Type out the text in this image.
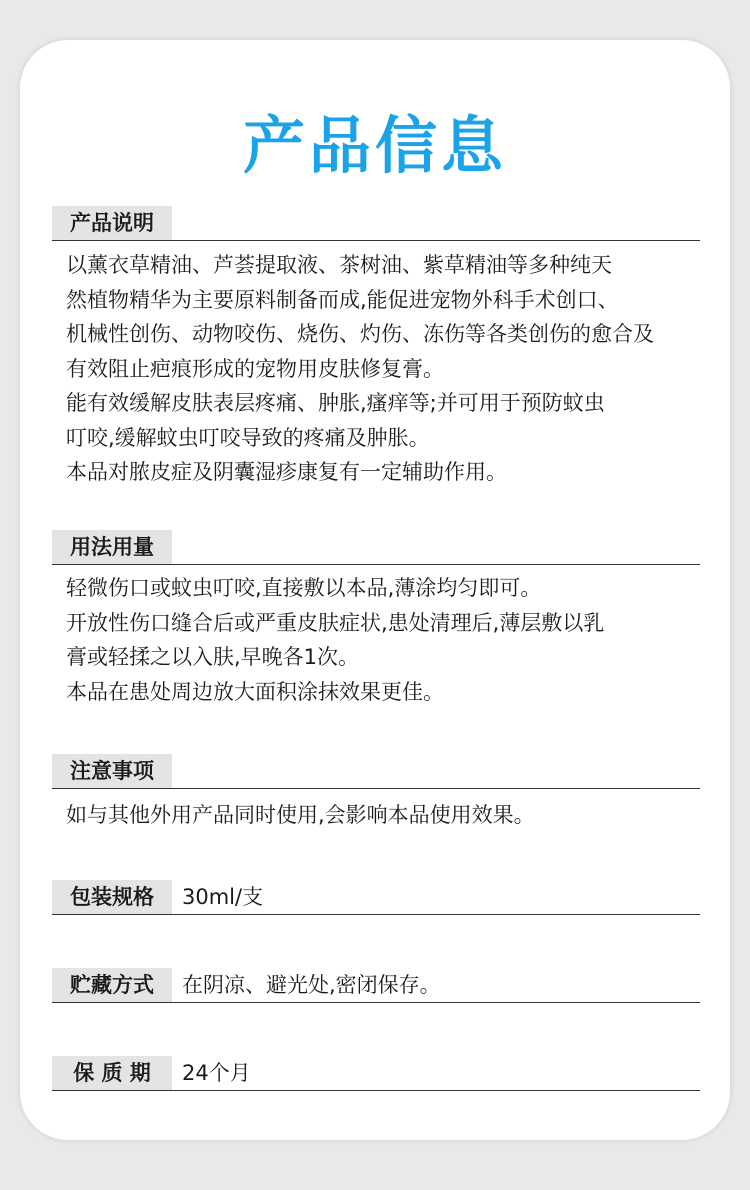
产品信息
产品说明
以薰衣草精油、芦荟提取液、茶树油、紫草精油等多种纯天
然植物精华为主要原料制备而成,能促进宠物外科手术创口、
机械性创伤、动物咬伤、烧伤、灼伤、冻伤等各类创伤的愈合及
有效阻止疤痕形成的宠物用皮肤修复膏。
能有效缓解皮肤表层疼痛、肿胀,瘙痒等;并可用于预防蚊虫
叮咬,缓解蚊虫叮咬导致的疼痛及肿胀。
本品对脓皮症及阴囊湿疹康复有一定辅助作用。
用法用量
轻微伤口或蚊虫叮咬,直接敷以本品,薄涂均匀即可。
开放性伤口缝合后或严重皮肤症状,患处清理后,薄层敷以乳
膏或轻揉之以入肤,早晚各1次。
本品在患处周边放大面积涂抹效果更佳。
注意事项
如与其他外用产品同时使用,会影响本品使用效果。
包装规格	30ml/支
贮藏方式	在阴凉、避光处,密闭保存。
保 质 期	24个月
